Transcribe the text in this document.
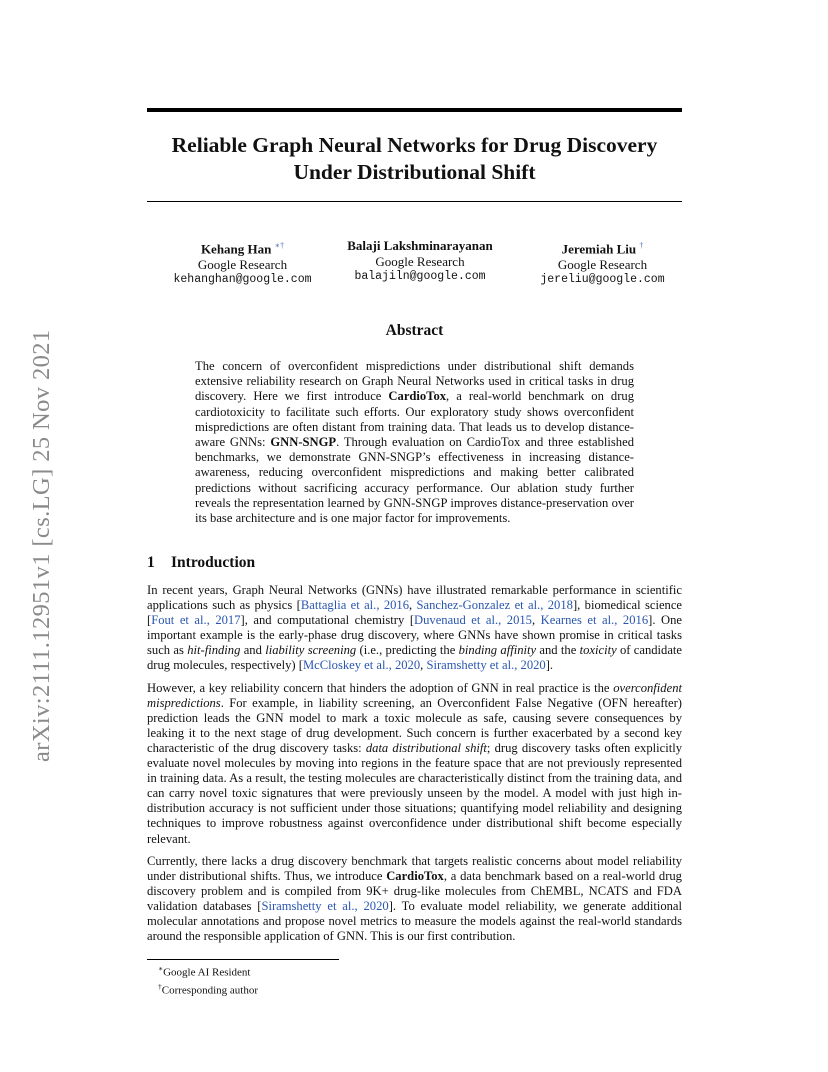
arXiv:2111.12951v1 [cs.LG] 25 Nov 2021
Reliable Graph Neural Networks for Drug Discovery
Under Distributional Shift
Kehang Han ∗†
Google Research
kehanghan@google.com
Balaji Lakshminarayanan
Google Research
balajiln@google.com
Jeremiah Liu †
Google Research
jereliu@google.com
Abstract

The concern of overconfident mispredictions under distributional shift demands extensive reliability research on Graph Neural Networks used in critical tasks in drug discovery. Here we first introduce CardioTox, a real-world benchmark on drug cardiotoxicity to facilitate such efforts. Our exploratory study shows overconfident mispredictions are often distant from training data. That leads us to develop distance-aware GNNs: GNN-SNGP. Through evaluation on CardioTox and three established benchmarks, we demonstrate GNN-SNGP’s effectiveness in increasing distance-awareness, reducing overconfident mispredictions and making better calibrated predictions without sacrificing accuracy performance. Our ablation study further reveals the representation learned by GNN-SNGP improves distance-preservation over its base architecture and is one major factor for improvements.

1 Introduction

In recent years, Graph Neural Networks (GNNs) have illustrated remarkable performance in scientific applications such as physics [Battaglia et al., 2016, Sanchez-Gonzalez et al., 2018], biomedical science [Fout et al., 2017], and computational chemistry [Duvenaud et al., 2015, Kearnes et al., 2016]. One important example is the early-phase drug discovery, where GNNs have shown promise in critical tasks such as hit-finding and liability screening (i.e., predicting the binding affinity and the toxicity of candidate drug molecules, respectively) [McCloskey et al., 2020, Siramshetty et al., 2020].

However, a key reliability concern that hinders the adoption of GNN in real practice is the overconfident mispredictions. For example, in liability screening, an Overconfident False Negative (OFN hereafter) prediction leads the GNN model to mark a toxic molecule as safe, causing severe consequences by leaking it to the next stage of drug development. Such concern is further exacerbated by a second key characteristic of the drug discovery tasks: data distributional shift; drug discovery tasks often explicitly evaluate novel molecules by moving into regions in the feature space that are not previously represented in training data. As a result, the testing molecules are characteristically distinct from the training data, and can carry novel toxic signatures that were previously unseen by the model. A model with just high in-distribution accuracy is not sufficient under those situations; quantifying model reliability and designing techniques to improve robustness against overconfidence under distributional shift become especially relevant.

Currently, there lacks a drug discovery benchmark that targets realistic concerns about model reliability under distributional shifts. Thus, we introduce CardioTox, a data benchmark based on a real-world drug discovery problem and is compiled from 9K+ drug-like molecules from ChEMBL, NCATS and FDA validation databases [Siramshetty et al., 2020]. To evaluate model reliability, we generate additional molecular annotations and propose novel metrics to measure the models against the real-world standards around the responsible application of GNN. This is our first contribution.

∗Google AI Resident
†Corresponding author
